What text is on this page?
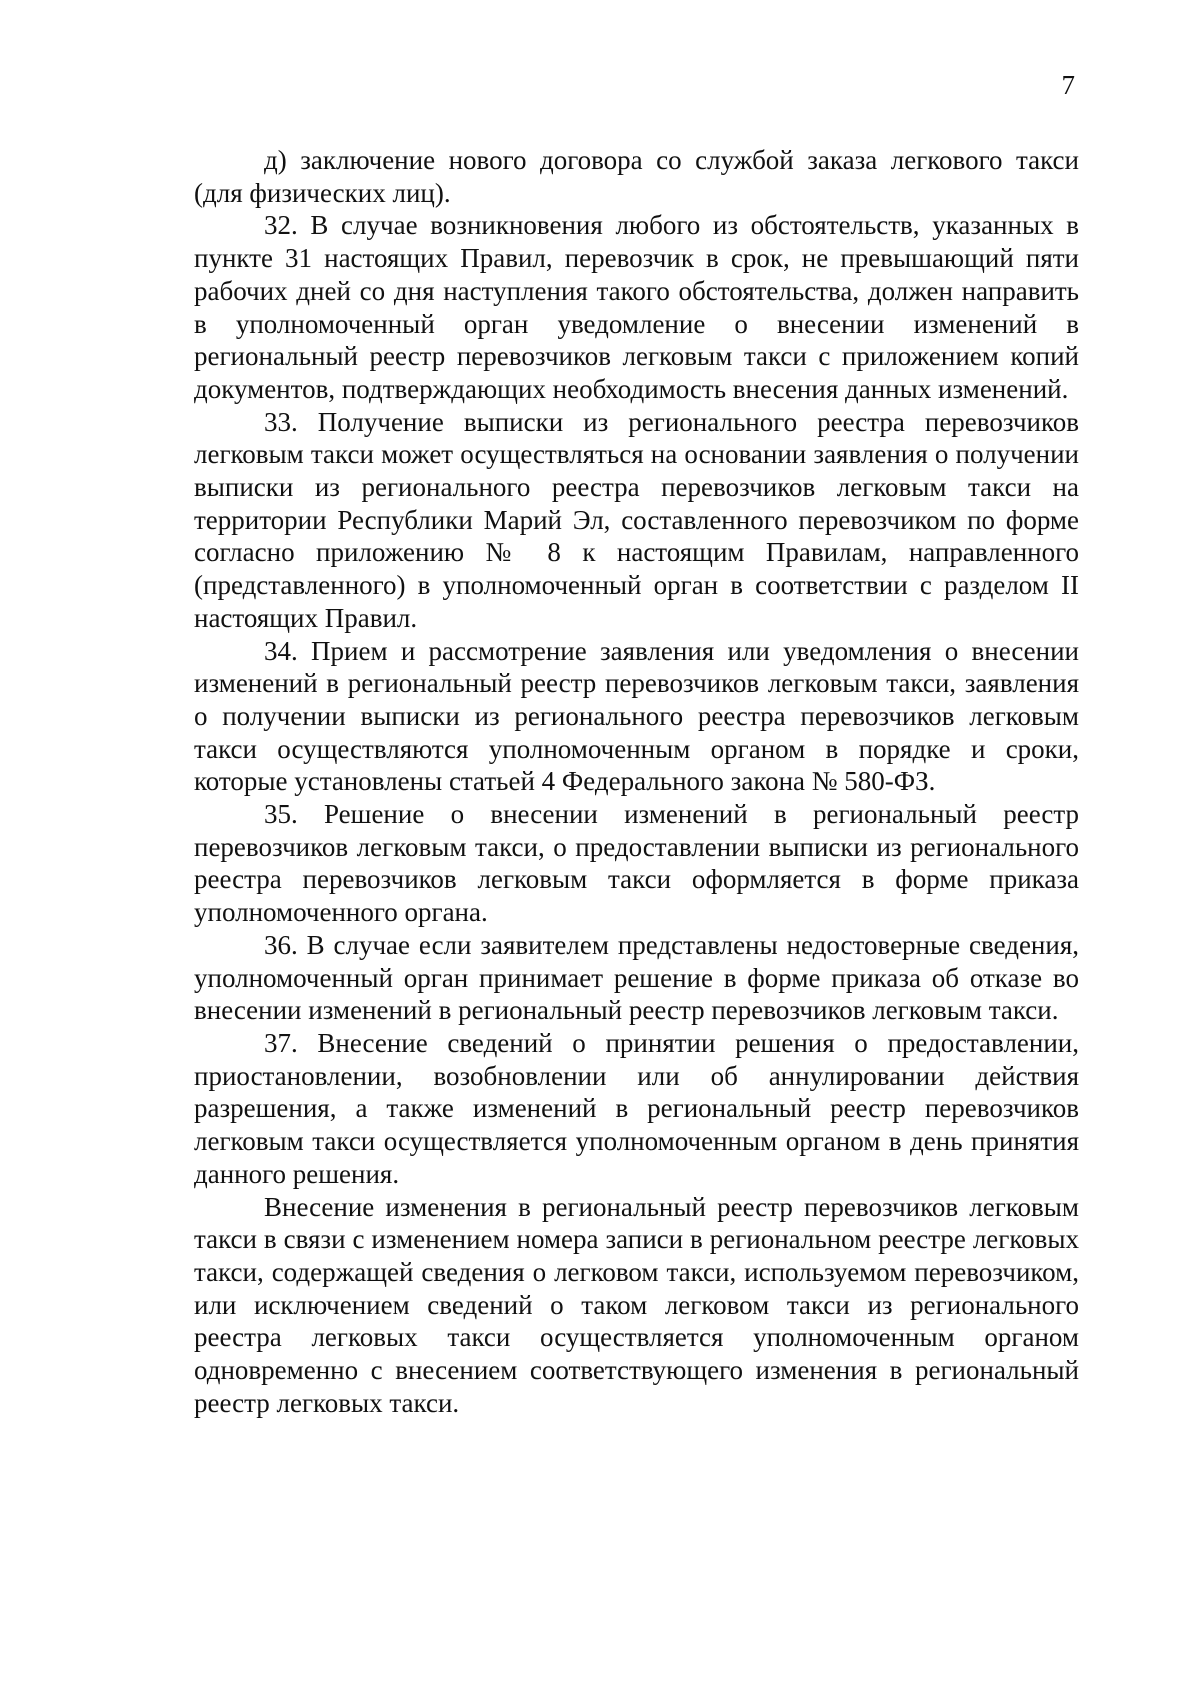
7

д) заключение нового договора со службой заказа легкового такси (для физических лиц).

32. В случае возникновения любого из обстоятельств, указанных в пункте 31 настоящих Правил, перевозчик в срок, не превышающий пяти рабочих дней со дня наступления такого обстоятельства, должен направить в уполномоченный орган уведомление о внесении изменений в региональный реестр перевозчиков легковым такси с приложением копий документов, подтверждающих необходимость внесения данных изменений.

33. Получение выписки из регионального реестра перевозчиков легковым такси может осуществляться на основании заявления о получении выписки из регионального реестра перевозчиков легковым такси на территории Республики Марий Эл, составленного перевозчиком по форме согласно приложению № 8 к настоящим Правилам, направленного (представленного) в уполномоченный орган в соответствии с разделом II настоящих Правил.

34. Прием и рассмотрение заявления или уведомления о внесении изменений в региональный реестр перевозчиков легковым такси, заявления о получении выписки из регионального реестра перевозчиков легковым такси осуществляются уполномоченным органом в порядке и сроки, которые установлены статьей 4 Федерального закона № 580-ФЗ.

35. Решение о внесении изменений в региональный реестр перевозчиков легковым такси, о предоставлении выписки из регионального реестра перевозчиков легковым такси оформляется в форме приказа уполномоченного органа.

36. В случае если заявителем представлены недостоверные сведения, уполномоченный орган принимает решение в форме приказа об отказе во внесении изменений в региональный реестр перевозчиков легковым такси.

37. Внесение сведений о принятии решения о предоставлении, приостановлении, возобновлении или об аннулировании действия разрешения, а также изменений в региональный реестр перевозчиков легковым такси осуществляется уполномоченным органом в день принятия данного решения.

Внесение изменения в региональный реестр перевозчиков легковым такси в связи с изменением номера записи в региональном реестре легковых такси, содержащей сведения о легковом такси, используемом перевозчиком, или исключением сведений о таком легковом такси из регионального реестра легковых такси осуществляется уполномоченным органом одновременно с внесением соответствующего изменения в региональный реестр легковых такси.
